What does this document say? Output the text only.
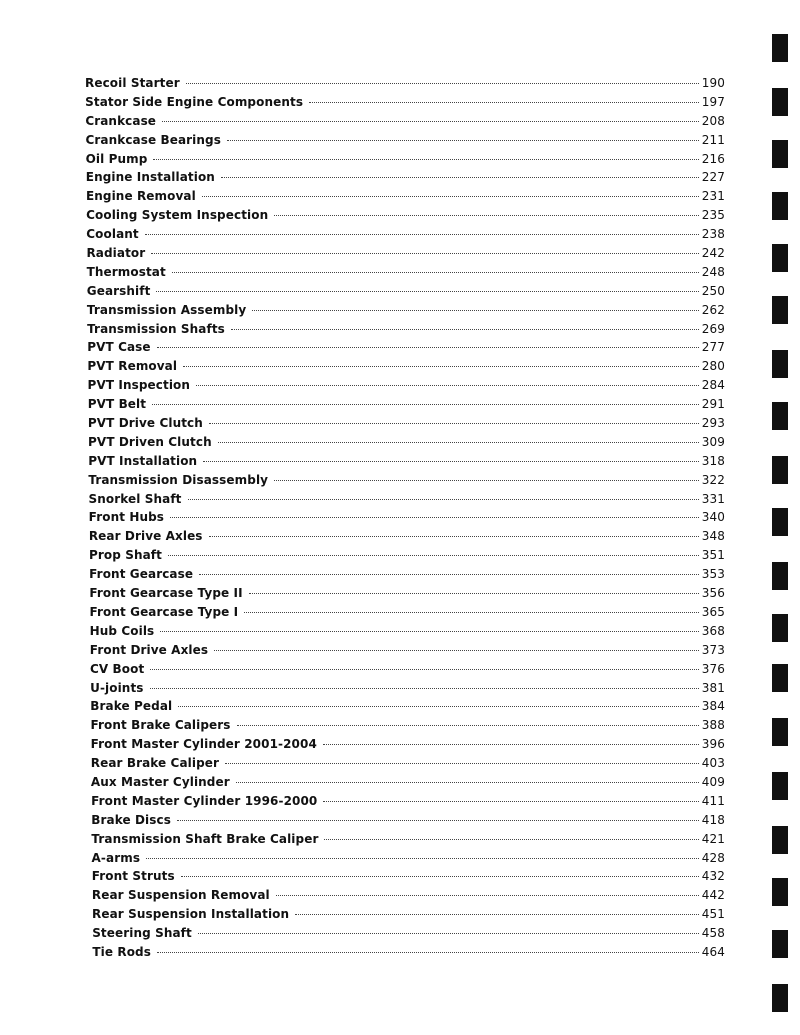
Recoil Starter	190
Stator Side Engine Components	197
Crankcase	208
Crankcase Bearings	211
Oil Pump	216
Engine Installation	227
Engine Removal	231
Cooling System Inspection	235
Coolant	238
Radiator	242
Thermostat	248
Gearshift	250
Transmission Assembly	262
Transmission Shafts	269
PVT Case	277
PVT Removal	280
PVT Inspection	284
PVT Belt	291
PVT Drive Clutch	293
PVT Driven Clutch	309
PVT Installation	318
Transmission Disassembly	322
Snorkel Shaft	331
Front Hubs	340
Rear Drive Axles	348
Prop Shaft	351
Front Gearcase	353
Front Gearcase Type II	356
Front Gearcase Type I	365
Hub Coils	368
Front Drive Axles	373
CV Boot	376
U-joints	381
Brake Pedal	384
Front Brake Calipers	388
Front Master Cylinder 2001-2004	396
Rear Brake Caliper	403
Aux Master Cylinder	409
Front Master Cylinder 1996-2000	411
Brake Discs	418
Transmission Shaft Brake Caliper	421
A-arms	428
Front Struts	432
Rear Suspension Removal	442
Rear Suspension Installation	451
Steering Shaft	458
Tie Rods	464
